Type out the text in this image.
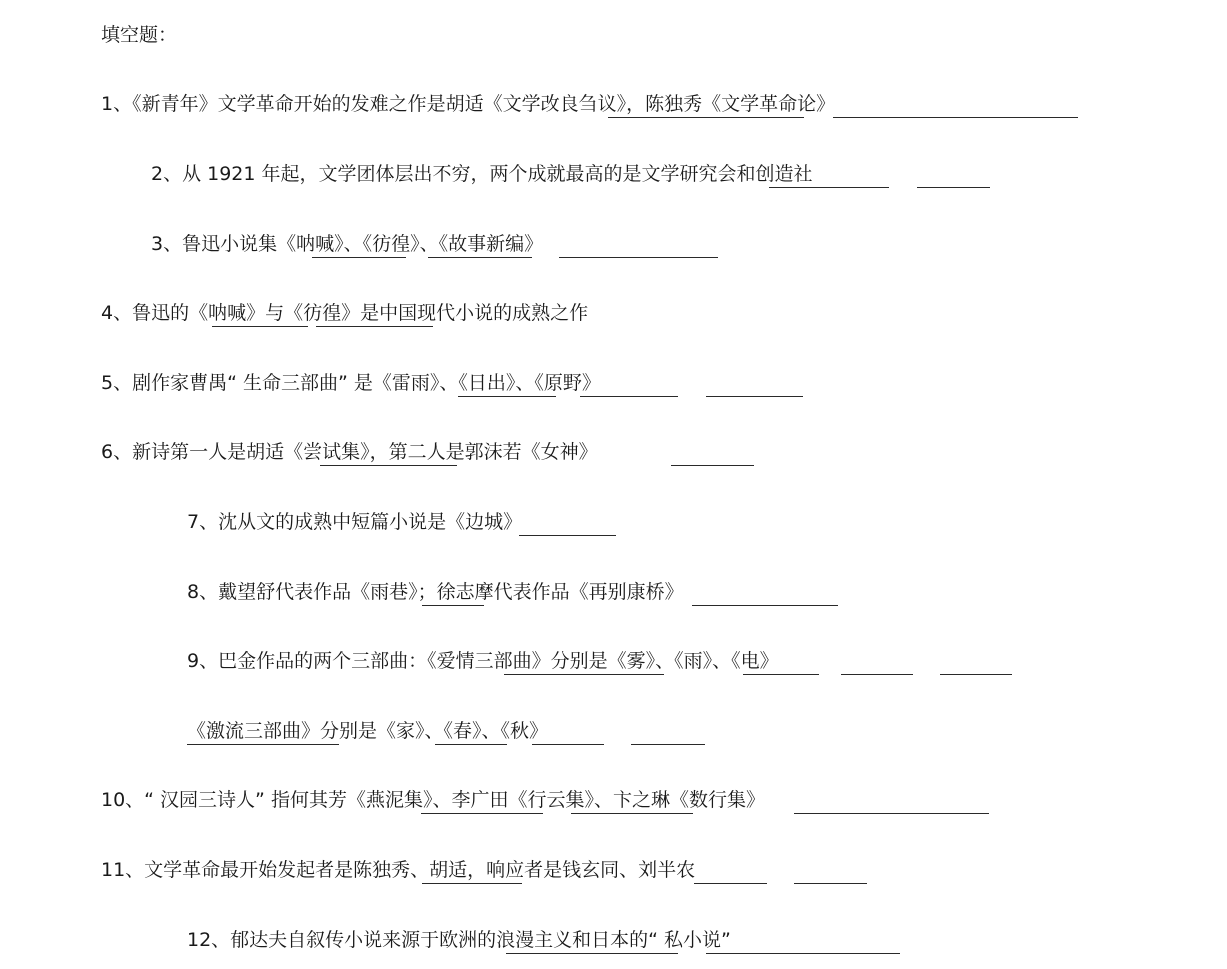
填空题：
1、《新青年》文学革命开始的发难之作是胡适《文学改良刍议》，陈独秀《文学革命论》
2、从 1921 年起，文学团体层出不穷，两个成就最高的是文学研究会和创造社
3、鲁迅小说集《呐喊》、《彷徨》、《故事新编》
4、鲁迅的《呐喊》与《彷徨》是中国现代小说的成熟之作
5、剧作家曹禺“ 生命三部曲” 是《雷雨》、《日出》、《原野》
6、新诗第一人是胡适《尝试集》，第二人是郭沫若《女神》
7、沈从文的成熟中短篇小说是《边城》
8、戴望舒代表作品《雨巷》；徐志摩代表作品《再别康桥》
9、巴金作品的两个三部曲：《爱情三部曲》分别是《雾》、《雨》、《电》
《激流三部曲》分别是《家》、《春》、《秋》
10、“ 汉园三诗人” 指何其芳《燕泥集》、李广田《行云集》、卞之琳《数行集》
11、文学革命最开始发起者是陈独秀、胡适，响应者是钱玄同、刘半农
12、郁达夫自叙传小说来源于欧洲的浪漫主义和日本的“ 私小说”
